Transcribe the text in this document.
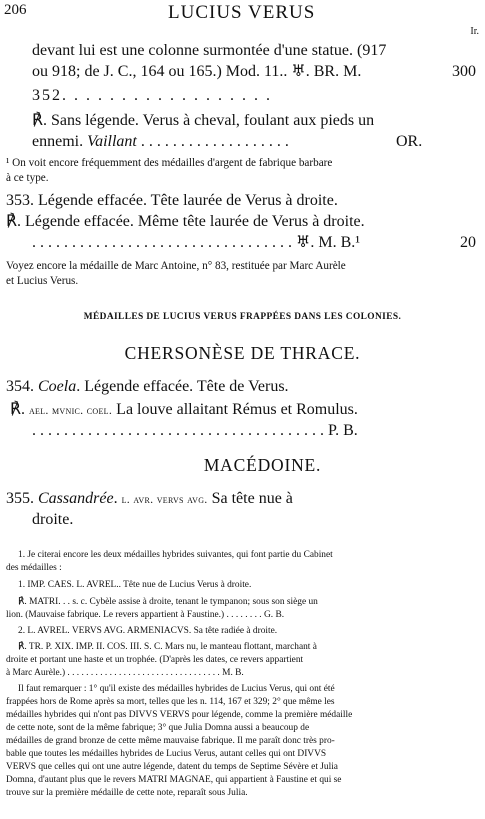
206	LUCIUS VERUS
Ir.
devant lui est une colonne surmontée d'une statue. (917
ou 918; de J. C., 164 ou 165.) Mod. 11.. ♅. BR. M.	300
352. . . . . . . . . . . . . . . . . .
℟. Sans légende. Verus à cheval, foulant aux pieds un
ennemi. Vaillant . . . . . . . . . . . . . . . . . . .	OR.
¹ On voit encore fréquemment des médailles d'argent de fabrique barbare
à ce type.
353. Légende effacée. Tête laurée de Verus à droite.
℟. Légende effacée. Même tête laurée de Verus à droite.
. . . . . . . . . . . . . . . . . . . . . . . . . . . . . . . . . ♅. M. B.¹	20
Voyez encore la médaille de Marc Antoine, n° 83, restituée par Marc Aurèle
et Lucius Verus.
MÉDAILLES DE LUCIUS VERUS FRAPPÉES DANS LES COLONIES.
CHERSONÈSE DE THRACE.
354. Coela. Légende effacée. Tête de Verus.
℟. ael. mvnic. coel. La louve allaitant Rémus et Romulus.
. . . . . . . . . . . . . . . . . . . . . . . . . . . . . . . . . . . . . P. B.
MACÉDOINE.
355. Cassandrée. l. avr. vervs avg. Sa tête nue à
droite.
1. Je citerai encore les deux médailles hybrides suivantes, qui font partie du Cabinet
des médailles :
1. IMP. CAES. L. AVREL.. Tête nue de Lucius Verus à droite.
℟. MATRI. . . s. c. Cybèle assise à droite, tenant le tympanon; sous son siège un
lion. (Mauvaise fabrique. Le revers appartient à Faustine.) . . . . . . . . G. B.
2. L. AVREL. VERVS AVG. ARMENIACVS. Sa tête radiée à droite.
℟. TR. P. XIX. IMP. II. COS. III. S. C. Mars nu, le manteau flottant, marchant à
droite et portant une haste et un trophée. (D'après les dates, ce revers appartient
à Marc Aurèle.) . . . . . . . . . . . . . . . . . . . . . . . . . . . . . . . . . M. B.
Il faut remarquer : 1° qu'il existe des médailles hybrides de Lucius Verus, qui ont été
frappées hors de Rome après sa mort, telles que les n. 114, 167 et 329; 2° que même les
médailles hybrides qui n'ont pas DIVVS VERVS pour légende, comme la première médaille
de cette note, sont de la même fabrique; 3° que Julia Domna aussi a beaucoup de
médailles de grand bronze de cette même mauvaise fabrique. Il me paraît donc très pro-
bable que toutes les médailles hybrides de Lucius Verus, autant celles qui ont DIVVS
VERVS que celles qui ont une autre légende, datent du temps de Septime Sévère et Julia
Domna, d'autant plus que le revers MATRI MAGNAE, qui appartient à Faustine et qui se
trouve sur la première médaille de cette note, reparaît sous Julia.
